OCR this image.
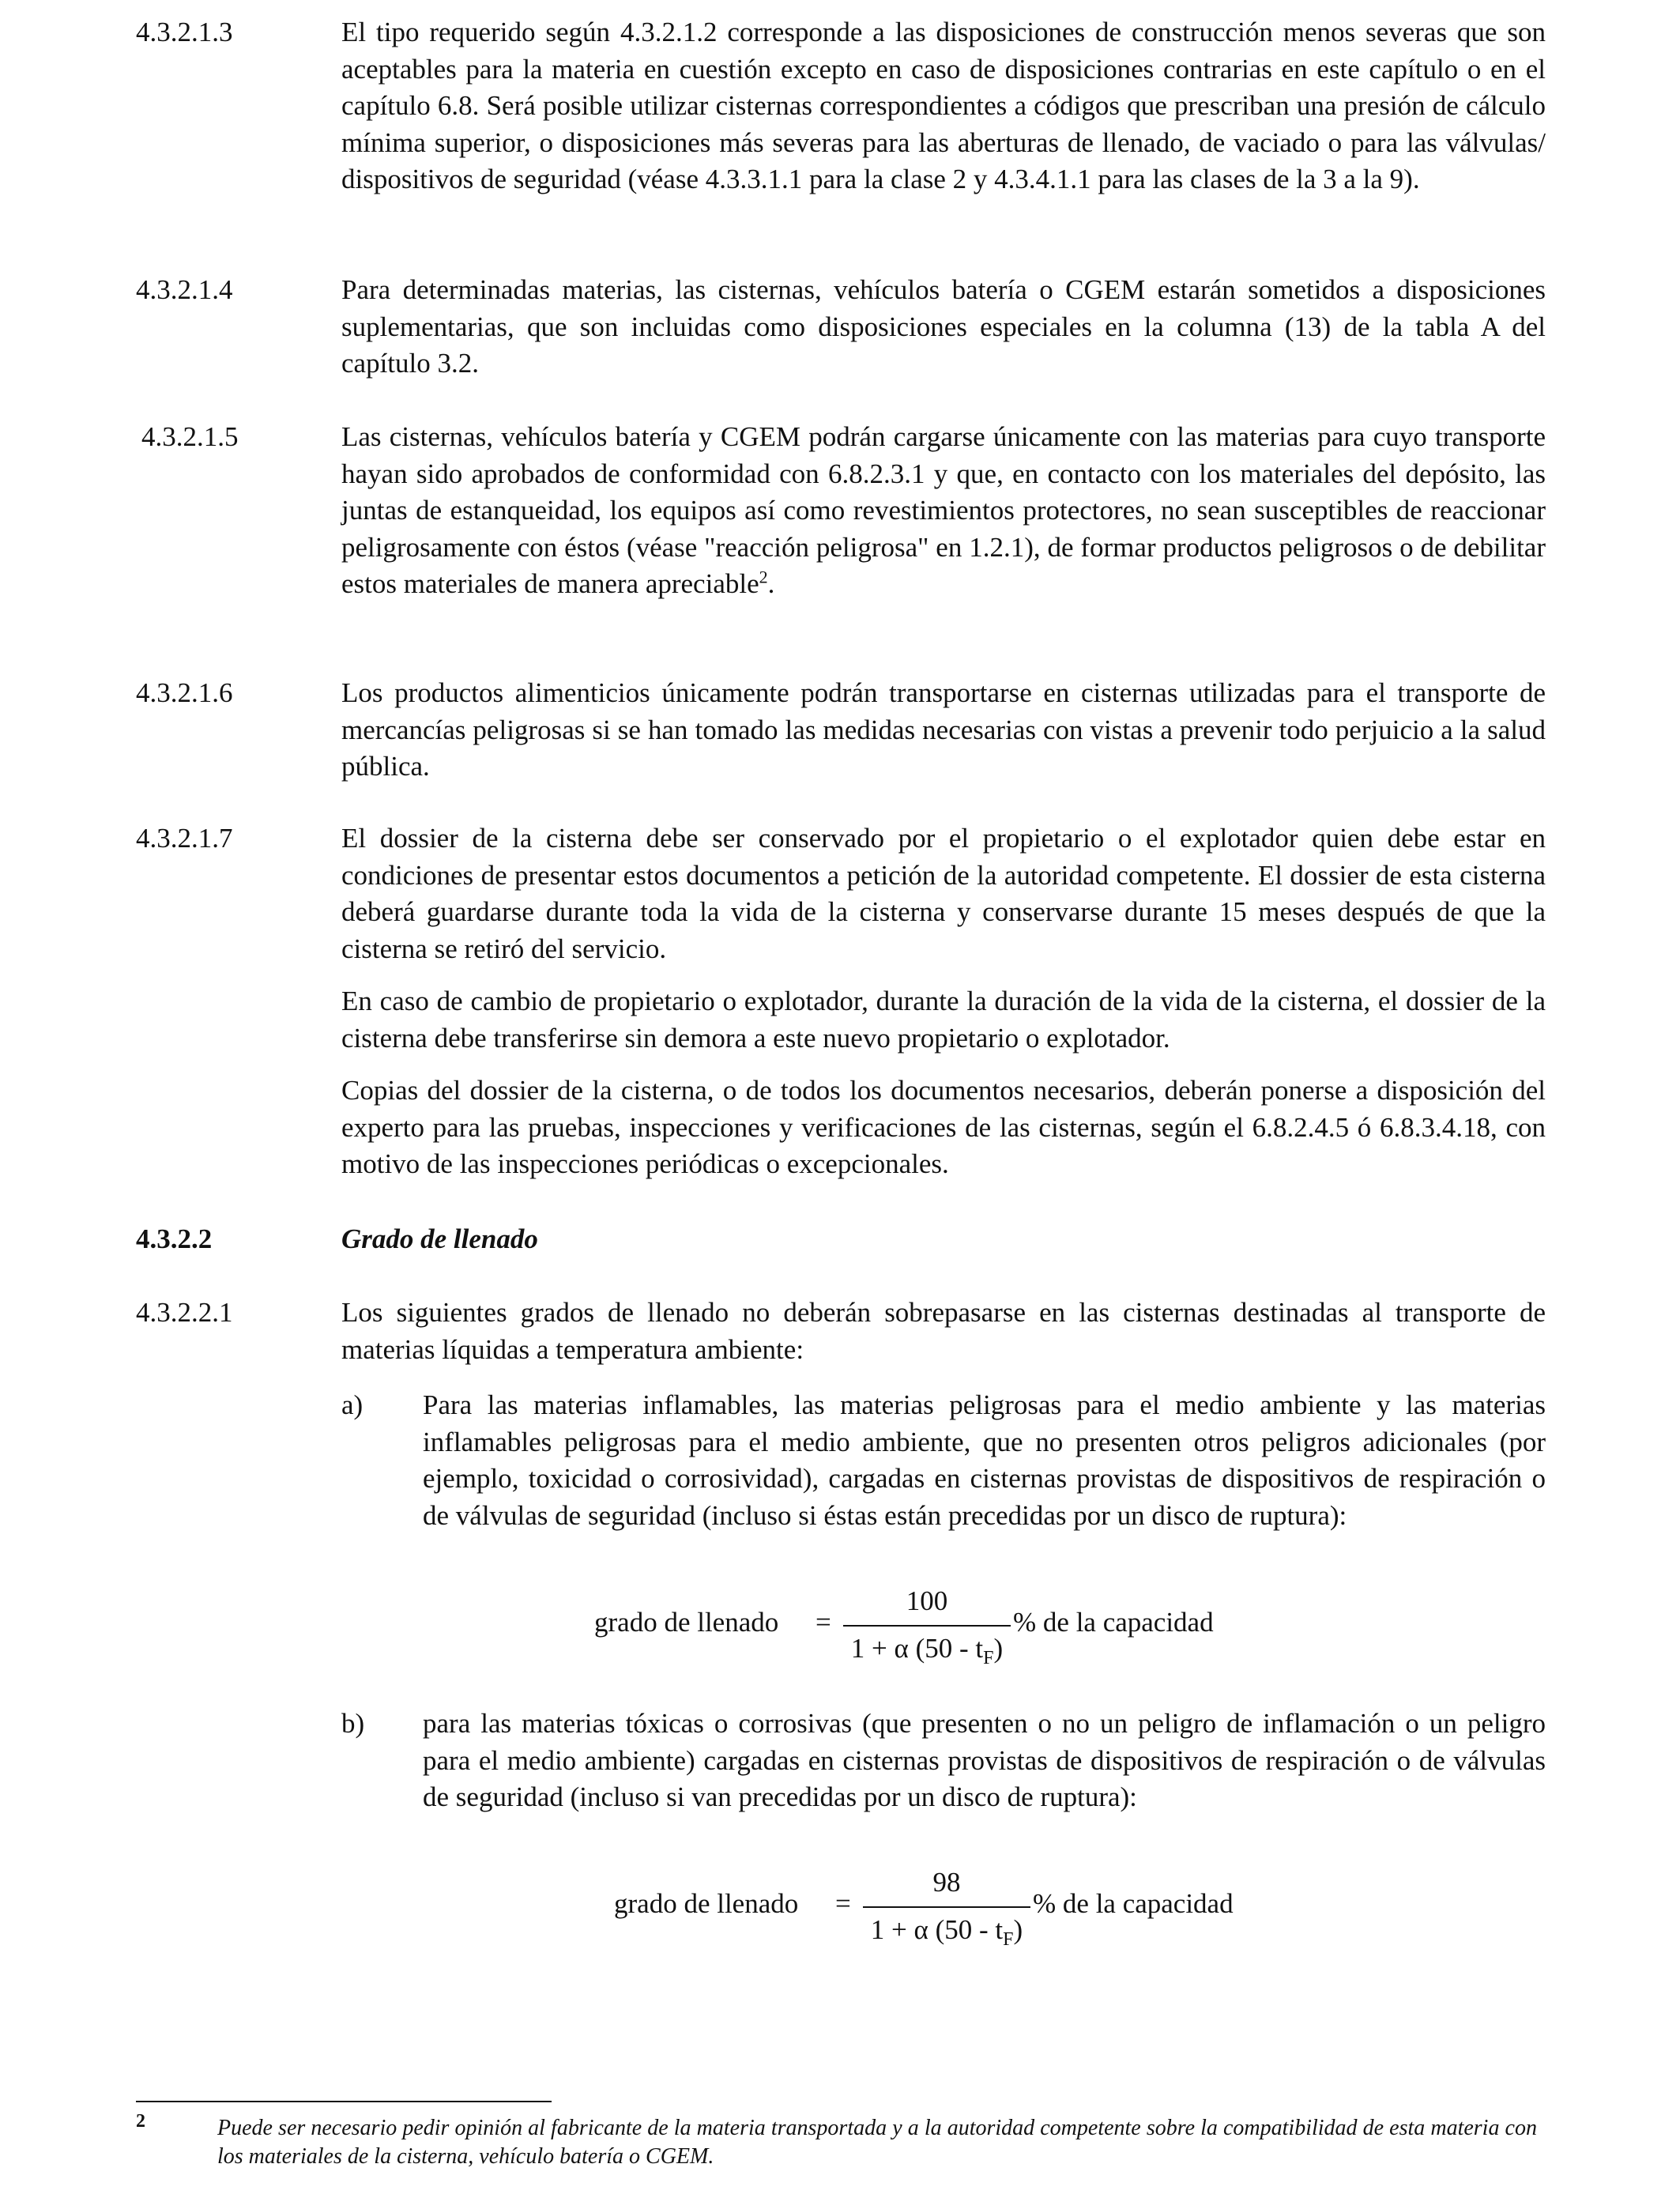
4.3.2.1.3	El tipo requerido según 4.3.2.1.2 corresponde a las disposiciones de construcción menos severas que son aceptables para la materia en cuestión excepto en caso de disposiciones contrarias en este capítulo o en el capítulo 6.8. Será posible utilizar cisternas correspondientes a códigos que prescriban una presión de cálculo mínima superior, o disposiciones más severas para las aberturas de llenado, de vaciado o para las válvulas/ dispositivos de seguridad (véase 4.3.3.1.1 para la clase 2 y 4.3.4.1.1 para las clases de la 3 a la 9).

4.3.2.1.4	Para determinadas materias, las cisternas, vehículos batería o CGEM estarán sometidos a disposiciones suplementarias, que son incluidas como disposiciones especiales en la columna (13) de la tabla A del capítulo 3.2.

4.3.2.1.5	Las cisternas, vehículos batería y CGEM podrán cargarse únicamente con las materias para cuyo transporte hayan sido aprobados de conformidad con 6.8.2.3.1 y que, en contacto con los materiales del depósito, las juntas de estanqueidad, los equipos así como revestimientos protectores, no sean susceptibles de reaccionar peligrosamente con éstos (véase "reacción peligrosa" en 1.2.1), de formar productos peligrosos o de debilitar estos materiales de manera apreciable$^2$.

4.3.2.1.6	Los productos alimenticios únicamente podrán transportarse en cisternas utilizadas para el transporte de mercancías peligrosas si se han tomado las medidas necesarias con vistas a prevenir todo perjuicio a la salud pública.

4.3.2.1.7	El dossier de la cisterna debe ser conservado por el propietario o el explotador quien debe estar en condiciones de presentar estos documentos a petición de la autoridad competente. El dossier de esta cisterna deberá guardarse durante toda la vida de la cisterna y conservarse durante 15 meses después de que la cisterna se retiró del servicio.

En caso de cambio de propietario o explotador, durante la duración de la vida de la cisterna, el dossier de la cisterna debe transferirse sin demora a este nuevo propietario o explotador.

Copias del dossier de la cisterna, o de todos los documentos necesarios, deberán ponerse a disposición del experto para las pruebas, inspecciones y verificaciones de las cisternas, según el 6.8.2.4.5 ó 6.8.3.4.18, con motivo de las inspecciones periódicas o excepcionales.

4.3.2.2	Grado de llenado
4.3.2.2.1	Los siguientes grados de llenado no deberán sobrepasarse en las cisternas destinadas al transporte de materias líquidas a temperatura ambiente:

a) Para las materias inflamables, las materias peligrosas para el medio ambiente y las materias inflamables peligrosas para el medio ambiente, que no presenten otros peligros adicionales (por ejemplo, toxicidad o corrosividad), cargadas en cisternas provistas de dispositivos de respiración o de válvulas de seguridad (incluso si éstas están precedidas por un disco de ruptura):
grado de llenado =
100
1 + α $(50 - t_F)$
% de la capacidad
b) para las materias tóxicas o corrosivas (que presenten o no un peligro de inflamación o un peligro para el medio ambiente) cargadas en cisternas provistas de dispositivos de respiración o de válvulas de seguridad (incluso si van precedidas por un disco de ruptura):
grado de llenado =
98
1 + α $(50 - t_F)$
% de la capacidad
2	Puede ser necesario pedir opinión al fabricante de la materia transportada y a la autoridad competente sobre la compatibilidad de esta materia con los materiales de la cisterna, vehículo batería o CGEM.
